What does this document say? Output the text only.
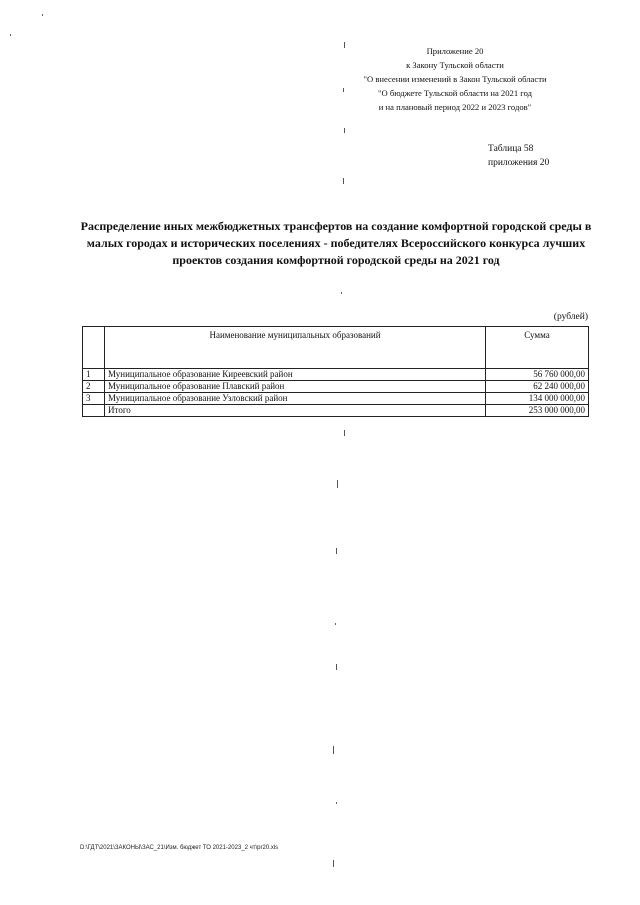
Приложение 20
к Закону Тульской области
"О внесении изменений в Закон Тульской области
"О бюджете Тульской области на 2021 год
и на плановый период 2022 и 2023 годов"
Таблица 58
приложения 20
Распределение иных межбюджетных трансфертов на создание комфортной городской среды в малых городах и исторических поселениях - победителях Всероссийского конкурса лучших проектов создания комфортной городской среды на 2021 год
(рублей)
	Наименование муниципальных образований	Сумма
1	Муниципальное образование Киреевский район	56 760 000,00
2	Муниципальное образование Плавский район	62 240 000,00
3	Муниципальное образование Узловский район	134 000 000,00
	Итого	253 000 000,00
D:\ГДТ\2021\ЗАКОНЫ\ЗАС_21\Изм. бюджет ТО 2021-2023_2 чт\pr20.xls
